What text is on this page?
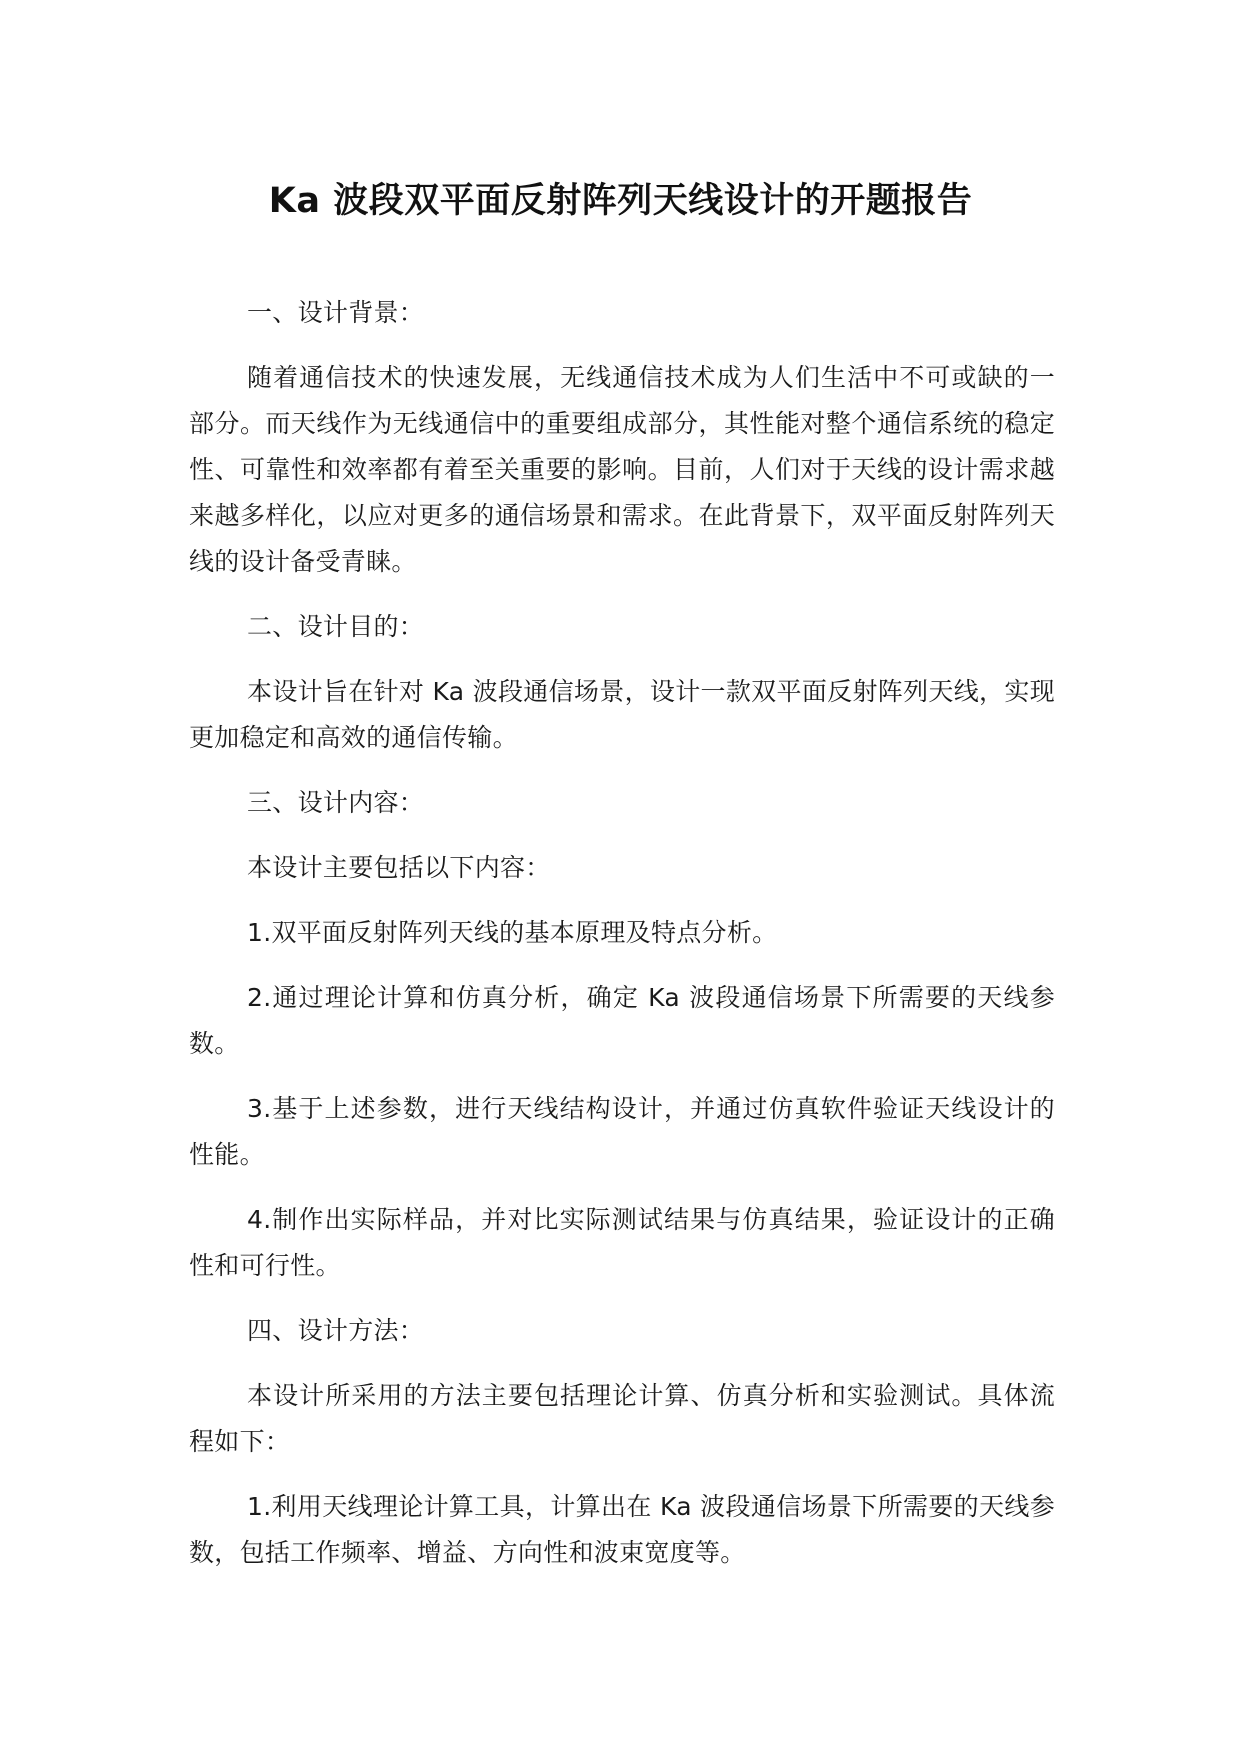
Ka 波段双平面反射阵列天线设计的开题报告

一、设计背景：

随着通信技术的快速发展，无线通信技术成为人们生活中不可或缺的一部分。而天线作为无线通信中的重要组成部分，其性能对整个通信系统的稳定性、可靠性和效率都有着至关重要的影响。目前，人们对于天线的设计需求越来越多样化，以应对更多的通信场景和需求。在此背景下，双平面反射阵列天线的设计备受青睐。

二、设计目的：

本设计旨在针对 Ka 波段通信场景，设计一款双平面反射阵列天线，实现更加稳定和高效的通信传输。

三、设计内容：

本设计主要包括以下内容：

1.双平面反射阵列天线的基本原理及特点分析。

2.通过理论计算和仿真分析，确定 Ka 波段通信场景下所需要的天线参数。

3.基于上述参数，进行天线结构设计，并通过仿真软件验证天线设计的性能。

4.制作出实际样品，并对比实际测试结果与仿真结果，验证设计的正确性和可行性。

四、设计方法：

本设计所采用的方法主要包括理论计算、仿真分析和实验测试。具体流程如下：

1.利用天线理论计算工具，计算出在 Ka 波段通信场景下所需要的天线参数，包括工作频率、增益、方向性和波束宽度等。
